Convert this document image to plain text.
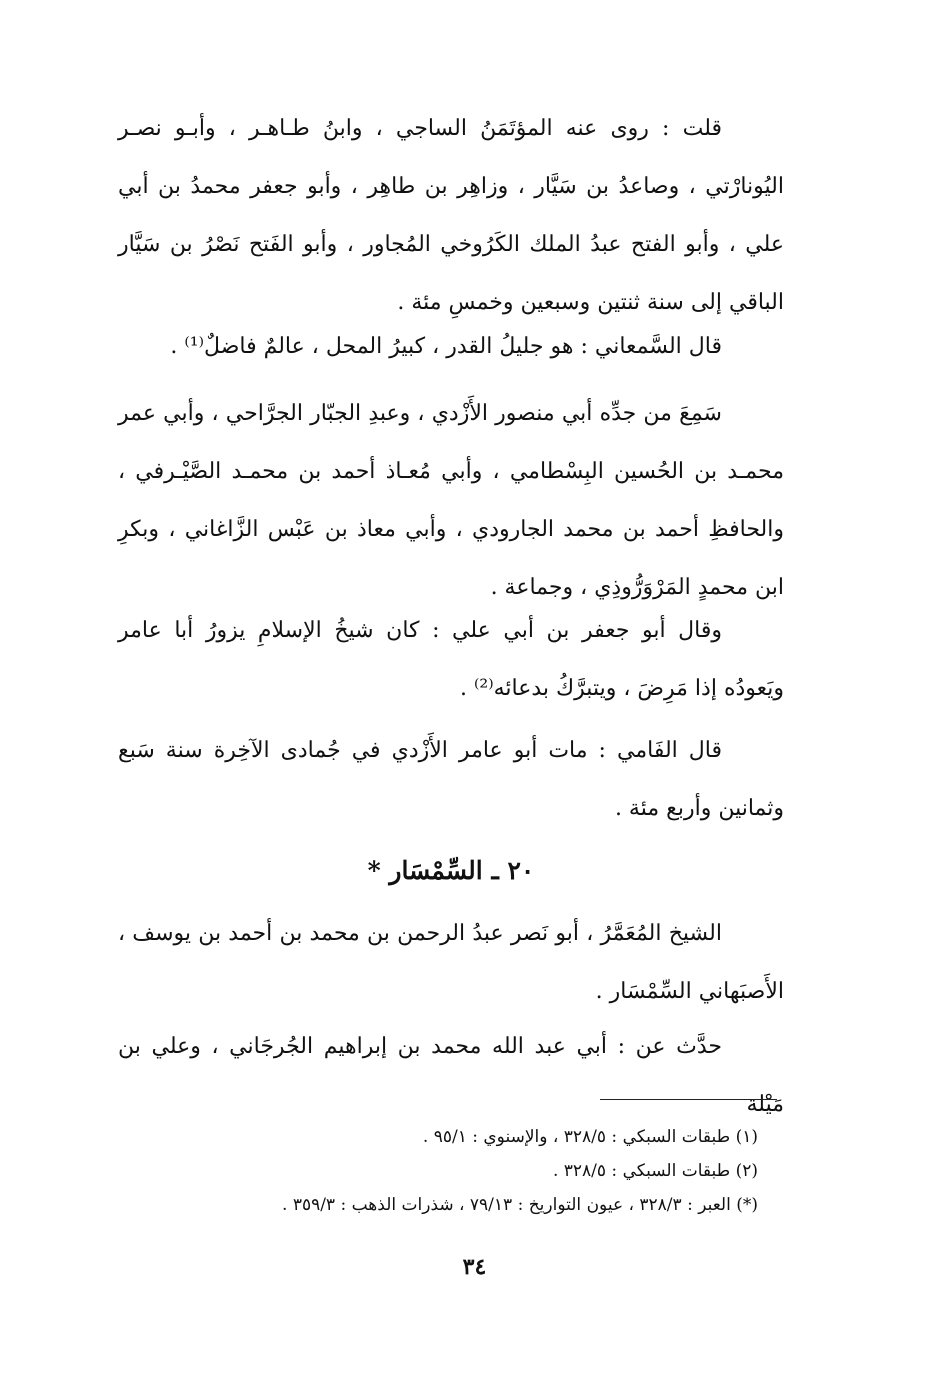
قلت : روى عنه المؤتَمَنُ الساجي ، وابنُ طـاهـر ، وأبـو نصـر اليُونارْتي ، وصاعدُ بن سَيَّار ، وزاهِر بن طاهِر ، وأبو جعفر محمدُ بن أبي علي ، وأبو الفتح عبدُ الملك الكَرُوخي المُجاور ، وأبو الفَتح نَصْرُ بن سَيَّار الباقي إلى سنة ثنتين وسبعين وخمسِ مئة .

قال السَّمعاني : هو جليلُ القدر ، كبيرُ المحل ، عالمٌ فاضلٌ⁽¹⁾ .

سَمِعَ من جدِّه أبي منصور الأَزْدي ، وعبدِ الجبّار الجرَّاحي ، وأبي عمر محمـد بن الحُسين البِسْطامي ، وأبي مُعـاذ أحمد بن محمـد الصَّيْـرفي ، والحافظِ أحمد بن محمد الجارودي ، وأبي معاذ بن عَبْس الزَّاغاني ، وبكرِ ابن محمدٍ المَرْوَرُّوذِي ، وجماعة .

وقال أبو جعفر بن أبي علي : كان شيخُ الإسلامِ يزورُ أبا عامر ويَعودُه إذا مَرِضَ ، ويتبرَّكُ بدعائه⁽²⁾ .

قال الفَامي : مات أبو عامر الأَزْدي في جُمادى الآخِرة سنة سَبع وثمانين وأربع مئة .

٢٠ ـ السِّمْسَار *

الشيخ المُعَمَّرُ ، أبو نَصر عبدُ الرحمن بن محمد بن أحمد بن يوسف ، الأَصبَهاني السِّمْسَار .

حدَّث عن : أبي عبد الله محمد بن إبراهيم الجُرجَاني ، وعلي بن مَيْلة

(١) طبقات السبكي : ٣٢٨/٥ ، والإسنوي : ٩٥/١ .

(٢) طبقات السبكي : ٣٢٨/٥ .

(*) العبر : ٣٢٨/٣ ، عيون التواريخ : ٧٩/١٣ ، شذرات الذهب : ٣٥٩/٣ .

٣٤
